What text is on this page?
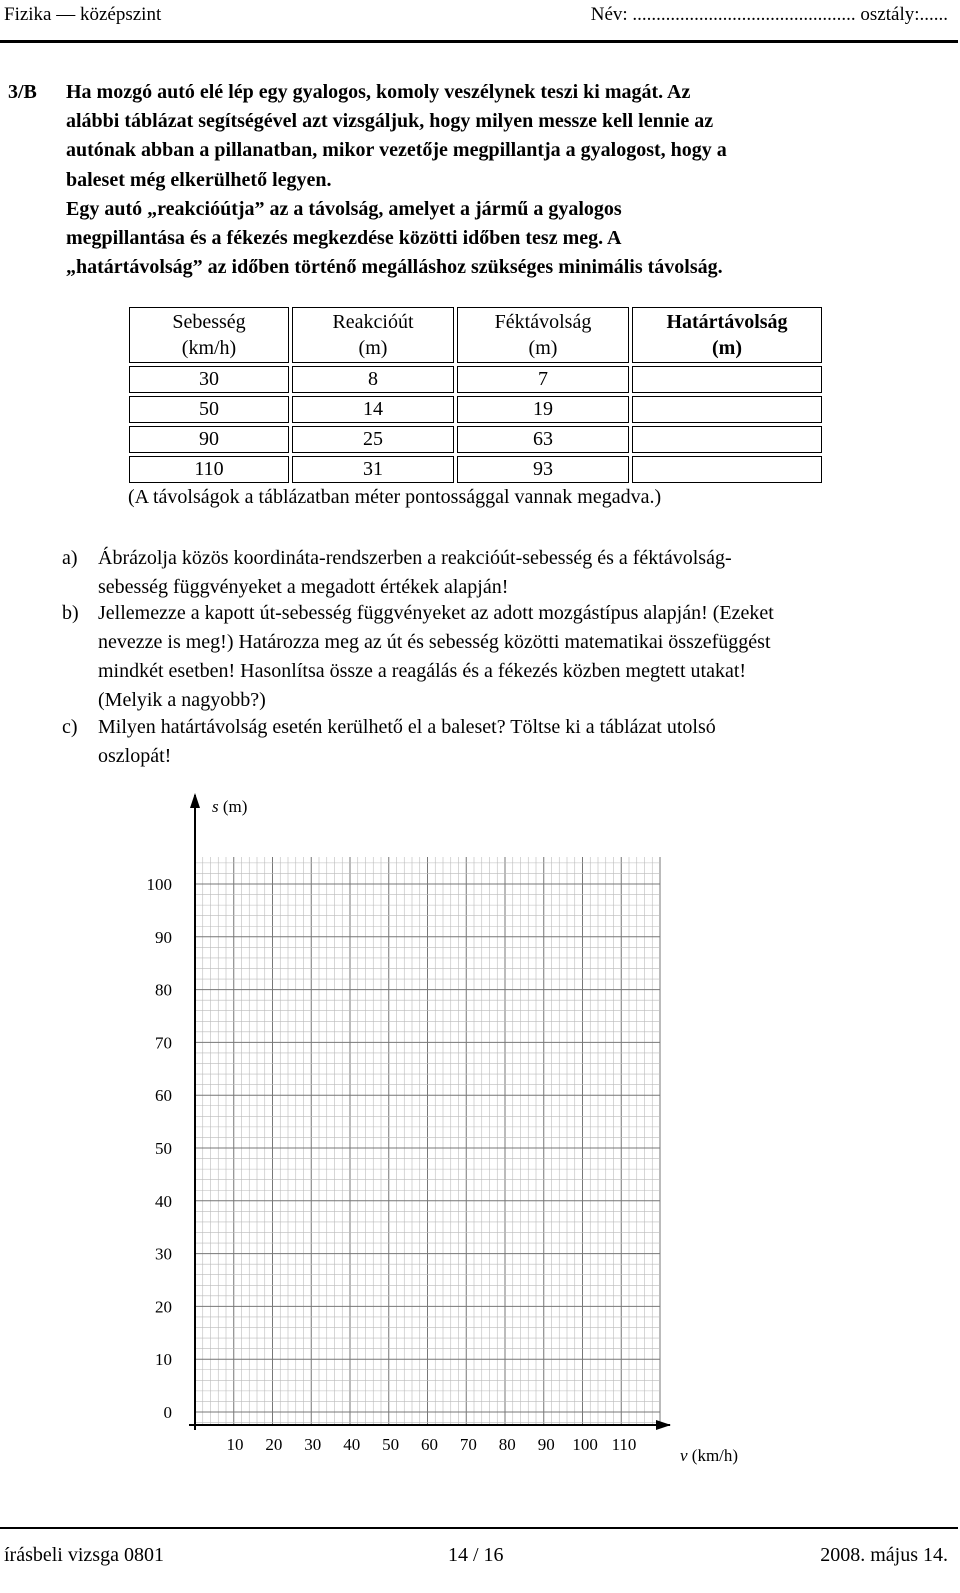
Fizika — középszint	Név: ............................................... osztály:......
3/B Ha mozgó autó elé lép egy gyalogos, komoly veszélynek teszi ki magát. Az
alábbi táblázat segítségével azt vizsgáljuk, hogy milyen messze kell lennie az
autónak abban a pillanatban, mikor vezetője megpillantja a gyalogost, hogy a
baleset még elkerülhető legyen.
Egy autó „reakcióútja” az a távolság, amelyet a jármű a gyalogos
megpillantása és a fékezés megkezdése közötti időben tesz meg. A
„határtávolság” az időben történő megálláshoz szükséges minimális távolság.
Sebesség
(km/h)	Reakcióút
(m)	Féktávolság
(m)	Határtávolság
(m)
30	8	7	
50	14	19	
90	25	63	
110	31	93	
(A távolságok a táblázatban méter pontossággal vannak megadva.)
a) Ábrázolja közös koordináta-rendszerben a reakcióút-sebesség és a féktávolság-
sebesség függvényeket a megadott értékek alapján!
b) Jellemezze a kapott út-sebesség függvényeket az adott mozgástípus alapján! (Ezeket
nevezze is meg!) Határozza meg az út és sebesség közötti matematikai összefüggést
mindkét esetben! Hasonlítsa össze a reagálás és a fékezés közben megtett utakat!
(Melyik a nagyobb?)
c) Milyen határtávolság esetén kerülhető el a baleset? Töltse ki a táblázat utolsó
oszlopát!
0
10
20
30
40
50
60
70
80
90
100
10 20 30 40 50 60 70 80 90 100 110
s (m)
v (km/h)
írásbeli vizsga 0801	14 / 16	2008. május 14.
